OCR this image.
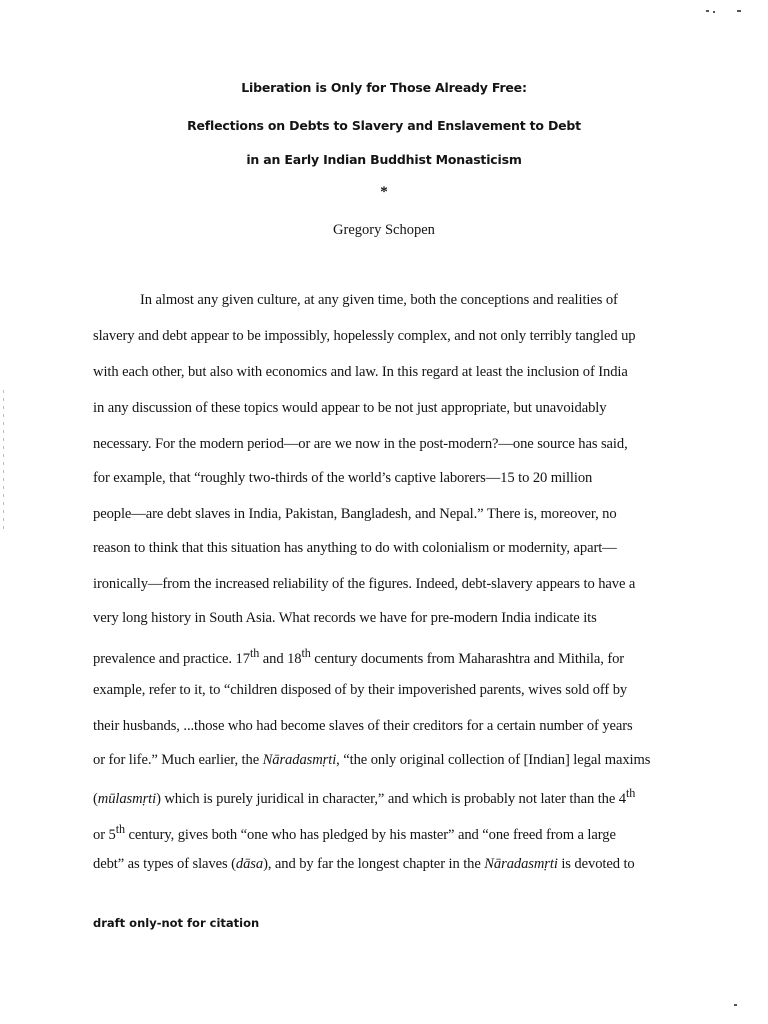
Liberation is Only for Those Already Free:
Reflections on Debts to Slavery and Enslavement to Debt
in an Early Indian Buddhist Monasticism
*
Gregory Schopen
In almost any given culture, at any given time, both the conceptions and realities of
slavery and debt appear to be impossibly, hopelessly complex, and not only terribly tangled up
with each other, but also with economics and law. In this regard at least the inclusion of India
in any discussion of these topics would appear to be not just appropriate, but unavoidably
necessary. For the modern period—or are we now in the post-modern?—one source has said,
for example, that “roughly two-thirds of the world’s captive laborers—15 to 20 million
people—are debt slaves in India, Pakistan, Bangladesh, and Nepal.” There is, moreover, no
reason to think that this situation has anything to do with colonialism or modernity, apart—
ironically—from the increased reliability of the figures. Indeed, debt-slavery appears to have a
very long history in South Asia. What records we have for pre-modern India indicate its
prevalence and practice. 17th and 18th century documents from Maharashtra and Mithila, for
example, refer to it, to “children disposed of by their impoverished parents, wives sold off by
their husbands, ...those who had become slaves of their creditors for a certain number of years
or for life.” Much earlier, the Nāradasmṛti, “the only original collection of [Indian] legal maxims
(mūlasmṛti) which is purely juridical in character,” and which is probably not later than the 4th
or 5th century, gives both “one who has pledged by his master” and “one freed from a large
debt” as types of slaves (dāsa), and by far the longest chapter in the Nāradasmṛti is devoted to
draft only-not for citation
